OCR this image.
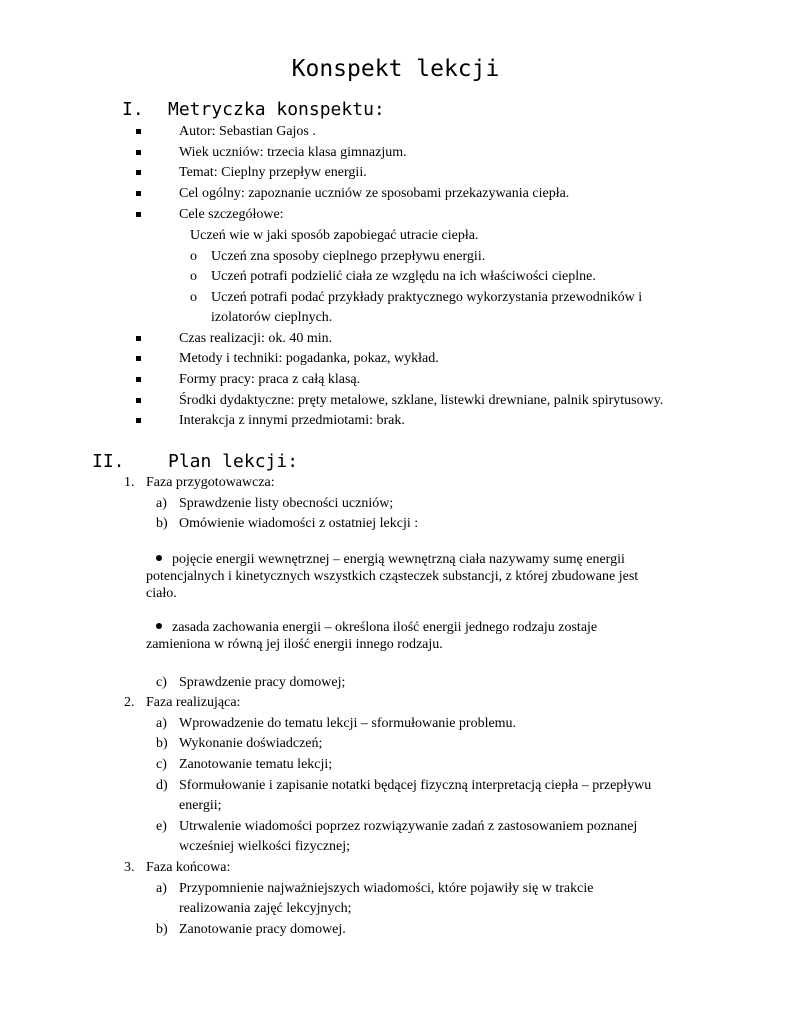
Konspekt lekcji
I. Metryczka konspektu:
Autor: Sebastian Gajos .
Wiek uczniów: trzecia klasa gimnazjum.
Temat: Cieplny przepływ energii.
Cel ogólny: zapoznanie uczniów ze sposobami przekazywania ciepła.
Cele szczegółowe:
Uczeń wie w jaki sposób zapobiegać utracie ciepła.
o Uczeń zna sposoby cieplnego przepływu energii.
o Uczeń potrafi podzielić ciała ze względu na ich właściwości cieplne.
o Uczeń potrafi podać przykłady praktycznego wykorzystania przewodników i
izolatorów cieplnych.
Czas realizacji: ok. 40 min.
Metody i techniki: pogadanka, pokaz, wykład.
Formy pracy: praca z całą klasą.
Środki dydaktyczne: pręty metalowe, szklane, listewki drewniane, palnik spirytusowy.
Interakcja z innymi przedmiotami: brak.
II. Plan lekcji:
1. Faza przygotowawcza:
a) Sprawdzenie listy obecności uczniów;
b) Omówienie wiadomości z ostatniej lekcji :
pojęcie energii wewnętrznej – energią wewnętrzną ciała nazywamy sumę energii
potencjalnych i kinetycznych wszystkich cząsteczek substancji, z której zbudowane jest
ciało.
zasada zachowania energii – określona ilość energii jednego rodzaju zostaje
zamieniona w równą jej ilość energii innego rodzaju.
c) Sprawdzenie pracy domowej;
2. Faza realizująca:
a) Wprowadzenie do tematu lekcji – sformułowanie problemu.
b) Wykonanie doświadczeń;
c) Zanotowanie tematu lekcji;
d) Sformułowanie i zapisanie notatki będącej fizyczną interpretacją ciepła – przepływu
energii;
e) Utrwalenie wiadomości poprzez rozwiązywanie zadań z zastosowaniem poznanej
wcześniej wielkości fizycznej;
3. Faza końcowa:
a) Przypomnienie najważniejszych wiadomości, które pojawiły się w trakcie
realizowania zajęć lekcyjnych;
b) Zanotowanie pracy domowej.
